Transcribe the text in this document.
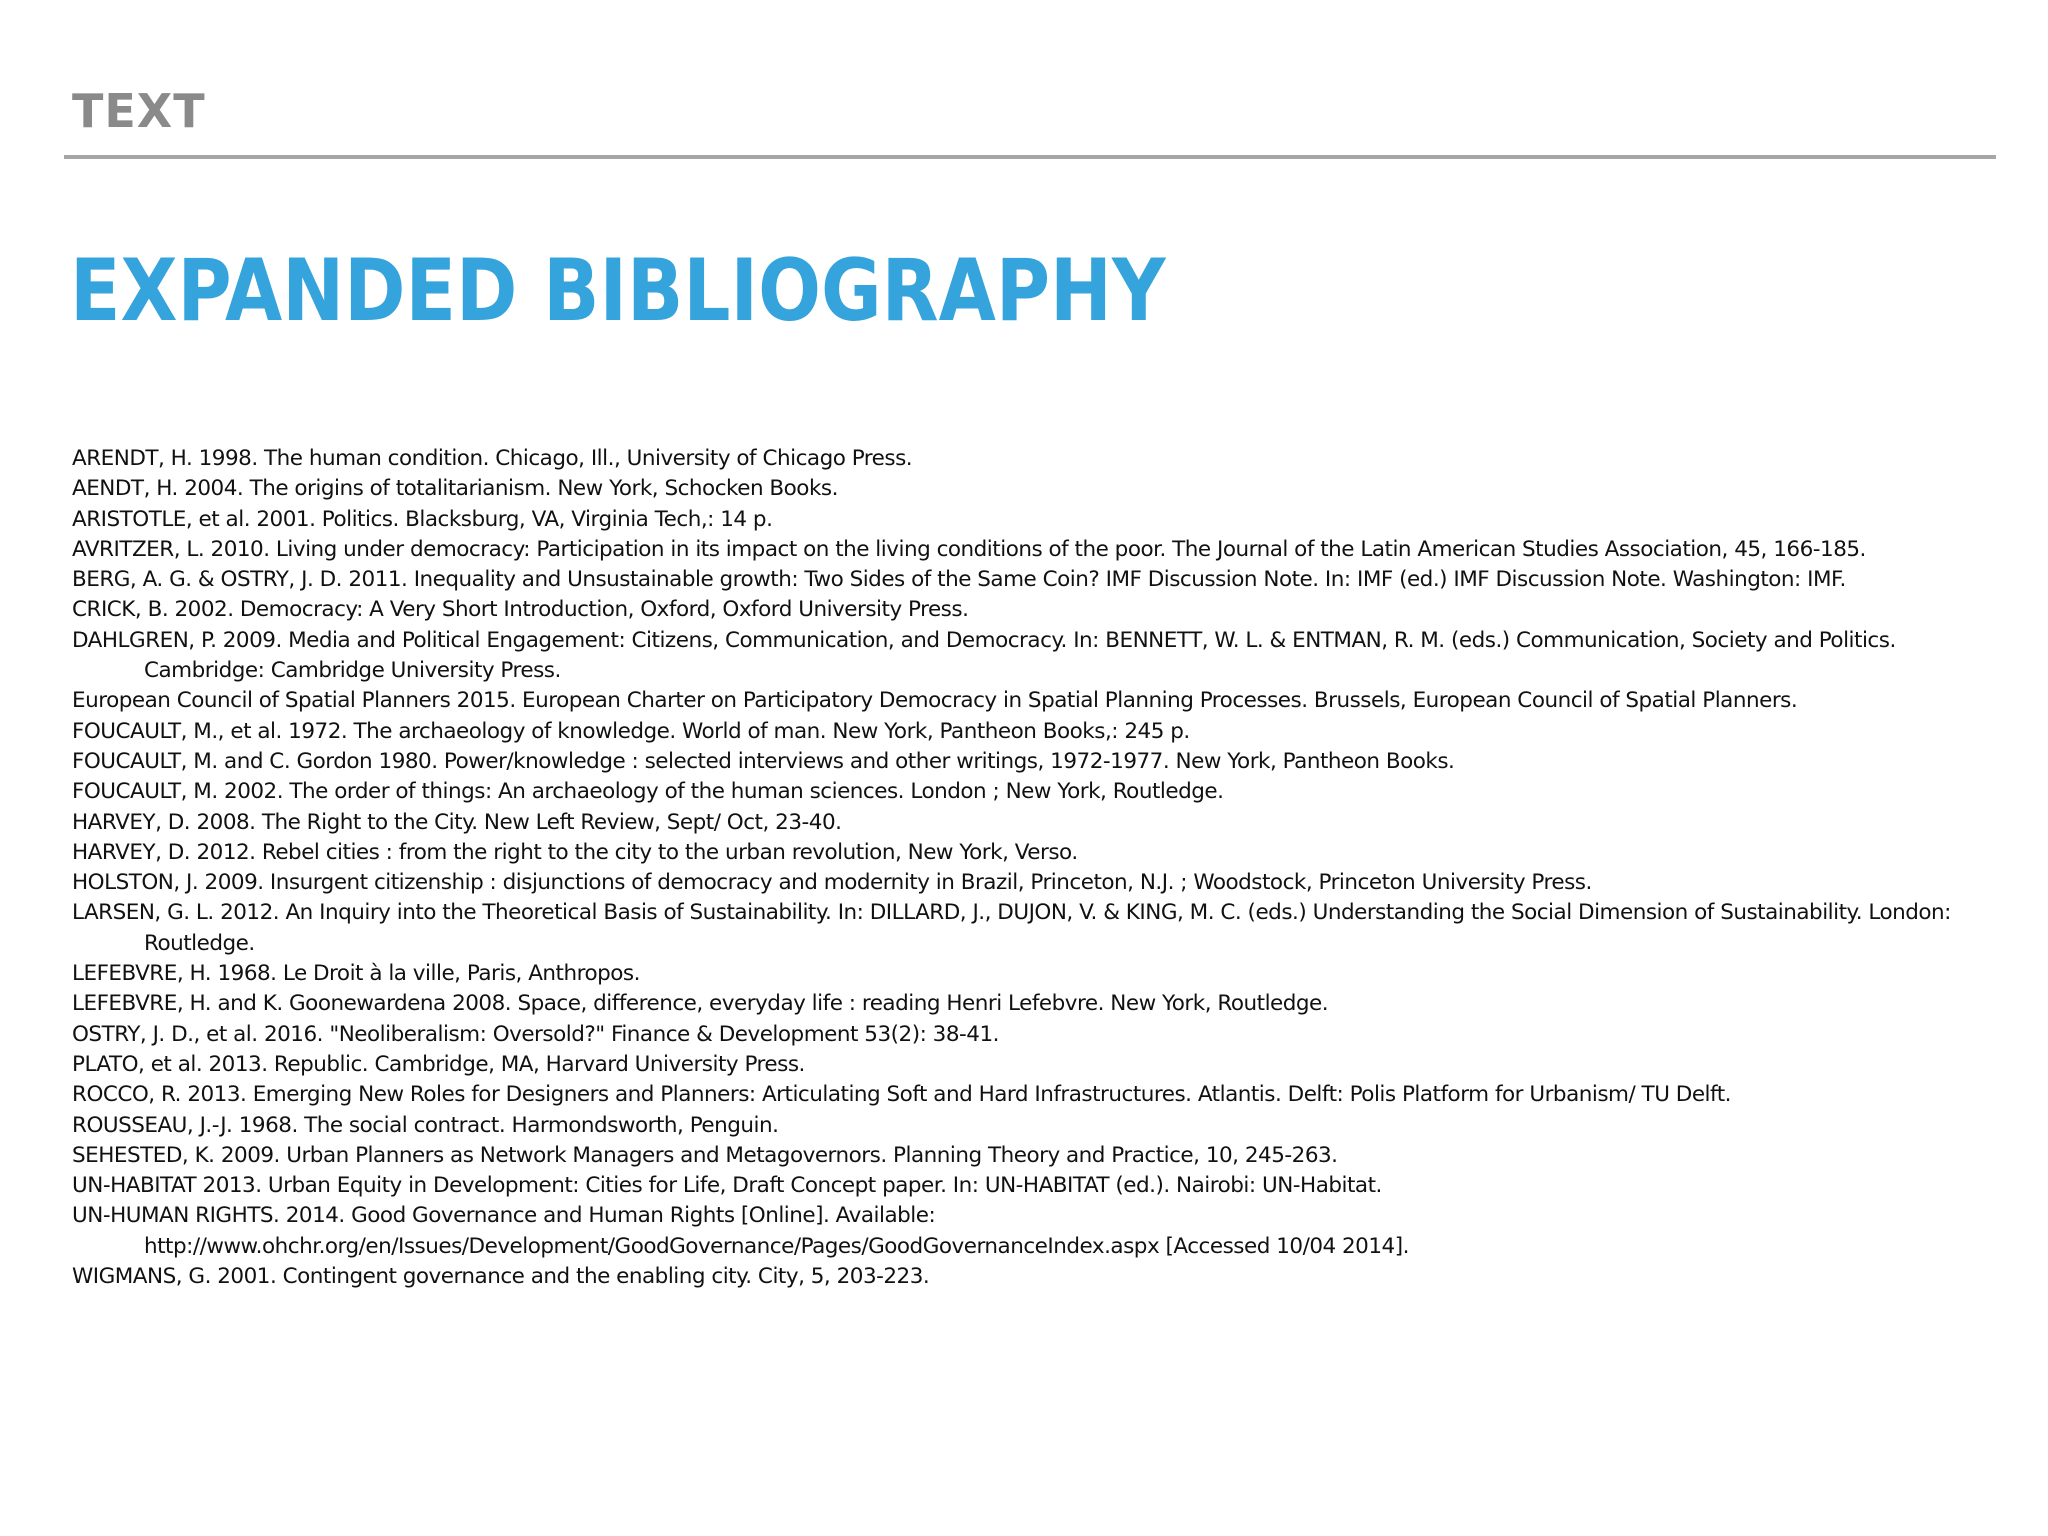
TEXT
EXPANDED BIBLIOGRAPHY
ARENDT, H. 1998. The human condition. Chicago, Ill., University of Chicago Press.
AENDT, H. 2004. The origins of totalitarianism. New York, Schocken Books.
ARISTOTLE, et al. 2001. Politics. Blacksburg, VA, Virginia Tech,: 14 p.
AVRITZER, L. 2010. Living under democracy: Participation in its impact on the living conditions of the poor. The Journal of the Latin American Studies Association, 45, 166-185.
BERG, A. G. & OSTRY, J. D. 2011. Inequality and Unsustainable growth: Two Sides of the Same Coin? IMF Discussion Note. In: IMF (ed.) IMF Discussion Note. Washington: IMF.
CRICK, B. 2002. Democracy: A Very Short Introduction, Oxford, Oxford University Press.
DAHLGREN, P. 2009. Media and Political Engagement: Citizens, Communication, and Democracy. In: BENNETT, W. L. & ENTMAN, R. M. (eds.) Communication, Society and Politics. Cambridge: Cambridge University Press.
European Council of Spatial Planners 2015. European Charter on Participatory Democracy in Spatial Planning Processes. Brussels, European Council of Spatial Planners.
FOUCAULT, M., et al. 1972. The archaeology of knowledge. World of man. New York, Pantheon Books,: 245 p.
FOUCAULT, M. and C. Gordon 1980. Power/knowledge : selected interviews and other writings, 1972-1977. New York, Pantheon Books.
FOUCAULT, M. 2002. The order of things: An archaeology of the human sciences. London ; New York, Routledge.
HARVEY, D. 2008. The Right to the City. New Left Review, Sept/ Oct, 23-40.
HARVEY, D. 2012. Rebel cities : from the right to the city to the urban revolution, New York, Verso.
HOLSTON, J. 2009. Insurgent citizenship : disjunctions of democracy and modernity in Brazil, Princeton, N.J. ; Woodstock, Princeton University Press.
LARSEN, G. L. 2012. An Inquiry into the Theoretical Basis of Sustainability. In: DILLARD, J., DUJON, V. & KING, M. C. (eds.) Understanding the Social Dimension of Sustainability. London: Routledge.
LEFEBVRE, H. 1968. Le Droit à la ville, Paris, Anthropos.
LEFEBVRE, H. and K. Goonewardena 2008. Space, difference, everyday life : reading Henri Lefebvre. New York, Routledge.
OSTRY, J. D., et al. 2016. "Neoliberalism: Oversold?" Finance & Development 53(2): 38-41.
PLATO, et al. 2013. Republic. Cambridge, MA, Harvard University Press.
ROCCO, R. 2013. Emerging New Roles for Designers and Planners: Articulating Soft and Hard Infrastructures. Atlantis. Delft: Polis Platform for Urbanism/ TU Delft.
ROUSSEAU, J.-J. 1968. The social contract. Harmondsworth, Penguin.
SEHESTED, K. 2009. Urban Planners as Network Managers and Metagovernors. Planning Theory and Practice, 10, 245-263.
UN-HABITAT 2013. Urban Equity in Development: Cities for Life, Draft Concept paper. In: UN-HABITAT (ed.). Nairobi: UN-Habitat.
UN-HUMAN RIGHTS. 2014. Good Governance and Human Rights [Online]. Available: http://www.ohchr.org/en/Issues/Development/GoodGovernance/Pages/GoodGovernanceIndex.aspx [Accessed 10/04 2014].
WIGMANS, G. 2001. Contingent governance and the enabling city. City, 5, 203-223.
